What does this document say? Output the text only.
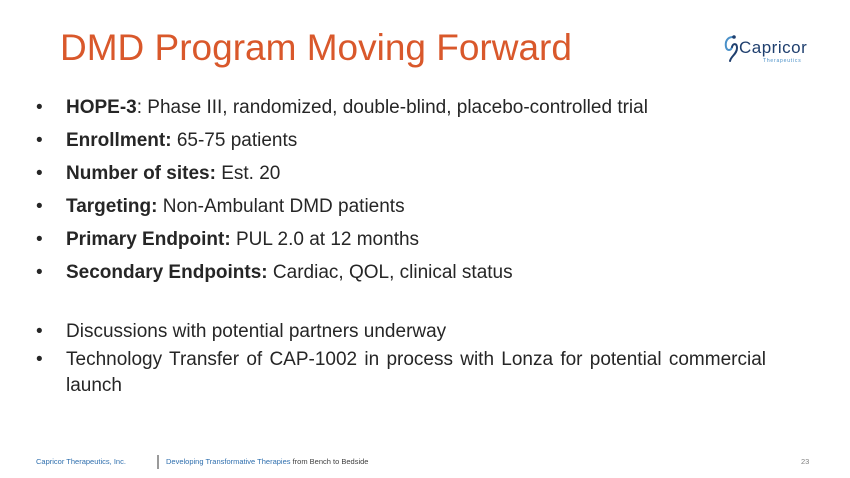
DMD Program Moving Forward	Capricor
Therapeutics
• HOPE-3: Phase III, randomized, double-blind, placebo-controlled trial
• Enrollment: 65-75 patients
• Number of sites: Est. 20
• Targeting: Non-Ambulant DMD patients
• Primary Endpoint: PUL 2.0 at 12 months
• Secondary Endpoints: Cardiac, QOL, clinical status
• Discussions with potential partners underway
• Technology Transfer of CAP-1002 in process with Lonza for potential commercial launch
Capricor Therapeutics, Inc.	Developing Transformative Therapies from Bench to Bedside	23
